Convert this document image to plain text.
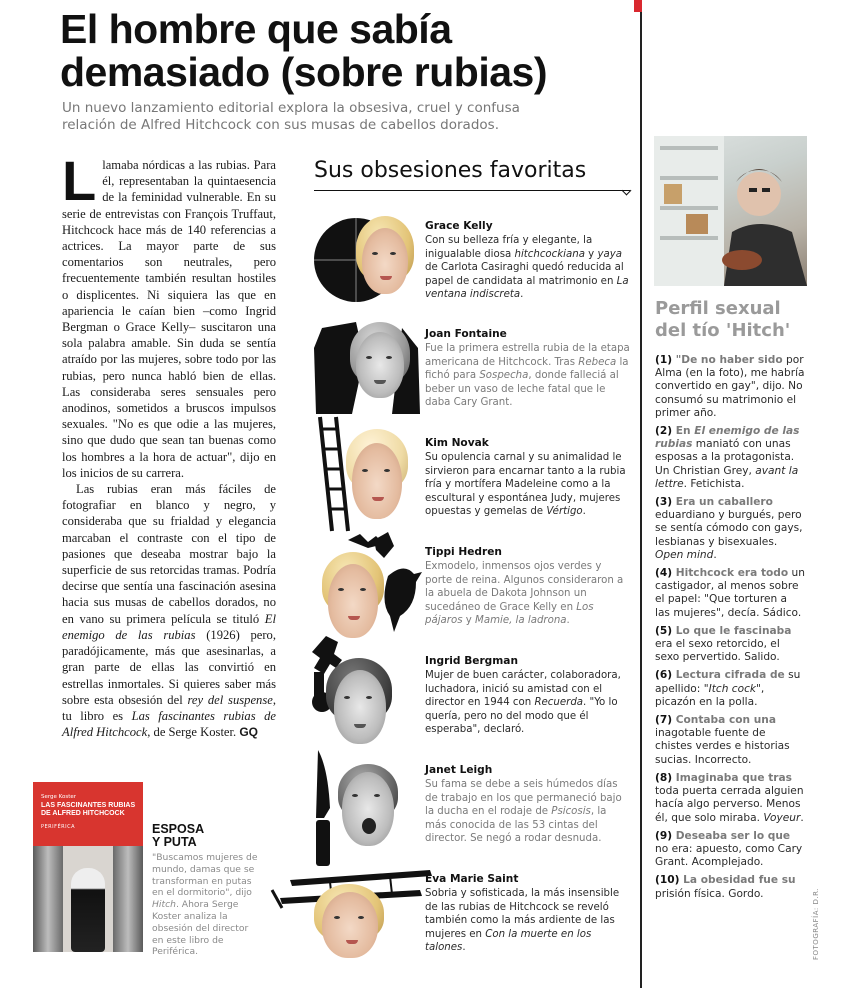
El hombre que sabía
demasiado (sobre rubias)
Un nuevo lanzamiento editorial explora la obsesiva, cruel y confusa
relación de Alfred Hitchcock con sus musas de cabellos dorados.

Llamaba nórdicas a las rubias. Para él, representaban la quintaesencia de la feminidad vulnerable. En su serie de entrevistas con François Truffaut, Hitchcock hace más de 140 referencias a actrices. La mayor parte de sus comentarios son neutrales, pero frecuentemente también resultan hostiles o displicentes. Ni siquiera las que en apariencia le caían bien –como Ingrid Bergman o Grace Kelly– suscitaron una sola palabra amable. Sin duda se sentía atraído por las mujeres, sobre todo por las rubias, pero nunca habló bien de ellas. Las consideraba seres sensuales pero anodinos, sometidos a bruscos impulsos sexuales. "No es que odie a las mujeres, sino que dudo que sean tan buenas como los hombres a la hora de actuar", dijo en los inicios de su carrera.

Las rubias eran más fáciles de fotografiar en blanco y negro, y consideraba que su frialdad y elegancia marcaban el contraste con el tipo de pasiones que deseaba mostrar bajo la superficie de sus retorcidas tramas. Podría decirse que sentía una fascinación asesina hacia sus musas de cabellos dorados, no en vano su primera película se tituló El enemigo de las rubias (1926) pero, paradójicamente, más que asesinarlas, a gran parte de ellas las convirtió en estrellas inmortales. Si quieres saber más sobre esta obsesión del rey del suspense, tu libro es Las fascinantes rubias de Alfred Hitchcock, de Serge Koster. GQ

Sus obsesiones favoritas
Grace Kelly
Con su belleza fría y elegante, la inigualable diosa hitchcockiana y yaya de Carlota Casiraghi quedó reducida al papel de candidata al matrimonio en La ventana indiscreta.
Joan Fontaine
Fue la primera estrella rubia de la etapa americana de Hitchcock. Tras Rebeca la fichó para Sospecha, donde falleciá al beber un vaso de leche fatal que le daba Cary Grant.
Kim Novak
Su opulencia carnal y su animalidad le sirvieron para encarnar tanto a la rubia fría y mortífera Madeleine como a la escultural y espontánea Judy, mujeres opuestas y gemelas de Vértigo.
Tippi Hedren
Exmodelo, inmensos ojos verdes y porte de reina. Algunos consideraron a la abuela de Dakota Johnson un sucedáneo de Grace Kelly en Los pájaros y Mamie, la ladrona.
Ingrid Bergman
Mujer de buen carácter, colaboradora, luchadora, inició su amistad con el director en 1944 con Recuerda. "Yo lo quería, pero no del modo que él esperaba", declaró.
Janet Leigh
Su fama se debe a seis húmedos días de trabajo en los que permaneció bajo la ducha en el rodaje de Psicosis, la más conocida de las 53 cintas del director. Se negó a rodar desnuda.
Eva Marie Saint
Sobria y sofisticada, la más insensible de las rubias de Hitchcock se reveló también como la más ardiente de las mujeres en Con la muerte en los talones.
Perfil sexual
del tío 'Hitch'
(1) "De no haber sido por Alma (en la foto), me habría convertido en gay", dijo. No consumó su matrimonio el primer año.
(2) En El enemigo de las rubias maniató con unas esposas a la protagonista. Un Christian Grey, avant la lettre. Fetichista.
(3) Era un caballero eduardiano y burgués, pero se sentía cómodo con gays, lesbianas y bisexuales. Open mind.
(4) Hitchcock era todo un castigador, al menos sobre el papel: "Que torturen a las mujeres", decía. Sádico.
(5) Lo que le fascinaba era el sexo retorcido, el sexo pervertido. Salido.
(6) Lectura cifrada de su apellido: "Itch cock", picazón en la polla.
(7) Contaba con una inagotable fuente de chistes verdes e historias sucias. Incorrecto.
(8) Imaginaba que tras toda puerta cerrada alguien hacía algo perverso. Menos él, que solo miraba. Voyeur.
(9) Deseaba ser lo que no era: apuesto, como Cary Grant. Acomplejado.
(10) La obesidad fue su prisión física. Gordo.	FOTOGRAFÍA: D.R.
Serge Koster
LAS FASCINANTES RUBIAS DE ALFRED HITCHCOCK
PERIFÉRICA	ESPOSA
Y PUTA
"Buscamos mujeres de mundo, damas que se transforman en putas en el dormitorio", dijo Hitch. Ahora Serge Koster analiza la obsesión del director en este libro de Periférica.
